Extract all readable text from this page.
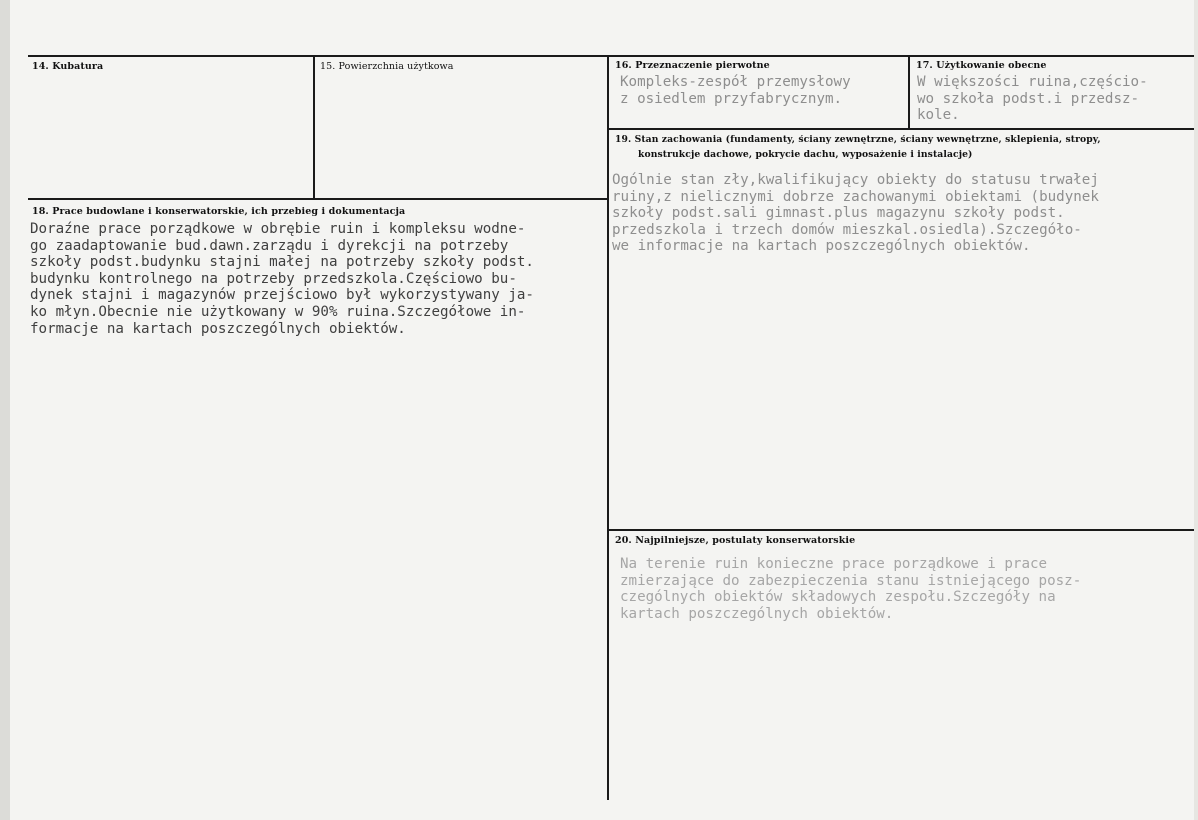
14. Kubatura	15. Powierzchnia użytkowa	16. Przeznaczenie pierwotne
Kompleks-zespół przemysłowy
z osiedlem przyfabrycznym.
17. Użytkowanie obecne
W większości ruina,częścio-
wo szkoła podst.i przedsz-
kole.
18. Prace budowlane i konserwatorskie, ich przebieg i dokumentacja
Doraźne prace porządkowe w obrębie ruin i kompleksu wodne-
go zaadaptowanie bud.dawn.zarządu i dyrekcji na potrzeby
szkoły podst.budynku stajni małej na potrzeby szkoły podst.
budynku kontrolnego na potrzeby przedszkola.Częściowo bu-
dynek stajni i magazynów przejściowo był wykorzystywany ja-
ko młyn.Obecnie nie użytkowany w 90% ruina.Szczegółowe in-
formacje na kartach poszczególnych obiektów.
19. Stan zachowania (fundamenty, ściany zewnętrzne, ściany wewnętrzne, sklepienia, stropy,
konstrukcje dachowe, pokrycie dachu, wyposażenie i instalacje)
Ogólnie stan zły,kwalifikujący obiekty do statusu trwałej
ruiny,z nielicznymi dobrze zachowanymi obiektami (budynek
szkoły podst.sali gimnast.plus magazynu szkoły podst.
przedszkola i trzech domów mieszkal.osiedla).Szczegóło-
we informacje na kartach poszczególnych obiektów.
20. Najpilniejsze, postulaty konserwatorskie
Na terenie ruin konieczne prace porządkowe i prace
zmierzające do zabezpieczenia stanu istniejącego posz-
czególnych obiektów składowych zespołu.Szczegóły na
kartach poszczególnych obiektów.
